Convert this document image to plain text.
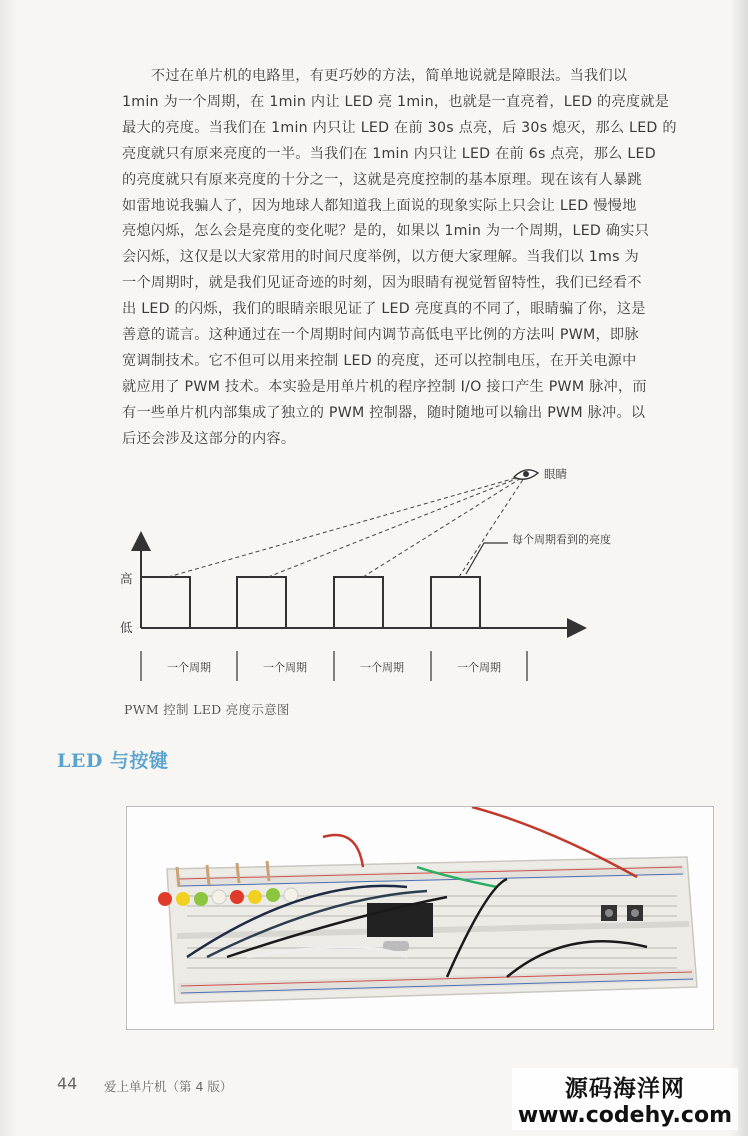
　　不过在单片机的电路里，有更巧妙的方法，简单地说就是障眼法。当我们以
1min 为一个周期，在 1min 内让 LED 亮 1min，也就是一直亮着，LED 的亮度就是
最大的亮度。当我们在 1min 内只让 LED 在前 30s 点亮，后 30s 熄灭，那么 LED 的
亮度就只有原来亮度的一半。当我们在 1min 内只让 LED 在前 6s 点亮，那么 LED
的亮度就只有原来亮度的十分之一，这就是亮度控制的基本原理。现在该有人暴跳
如雷地说我骗人了，因为地球人都知道我上面说的现象实际上只会让 LED 慢慢地
亮熄闪烁，怎么会是亮度的变化呢？是的，如果以 1min 为一个周期，LED 确实只
会闪烁，这仅是以大家常用的时间尺度举例，以方便大家理解。当我们以 1ms 为
一个周期时，就是我们见证奇迹的时刻，因为眼睛有视觉暂留特性，我们已经看不
出 LED 的闪烁，我们的眼睛亲眼见证了 LED 亮度真的不同了，眼睛骗了你，这是
善意的谎言。这种通过在一个周期时间内调节高低电平比例的方法叫 PWM，即脉
宽调制技术。它不但可以用来控制 LED 的亮度，还可以控制电压，在开关电源中
就应用了 PWM 技术。本实验是用单片机的程序控制 I/O 接口产生 PWM 脉冲，而
有一些单片机内部集成了独立的 PWM 控制器，随时随地可以输出 PWM 脉冲。以
后还会涉及这部分的内容。
高
低
眼睛
每个周期看到的亮度
一个周期	一个周期	一个周期	一个周期
PWM 控制 LED 亮度示意图
LED 与按键
44 爱上单片机（第 4 版）	源码海洋网
www.codehy.com
